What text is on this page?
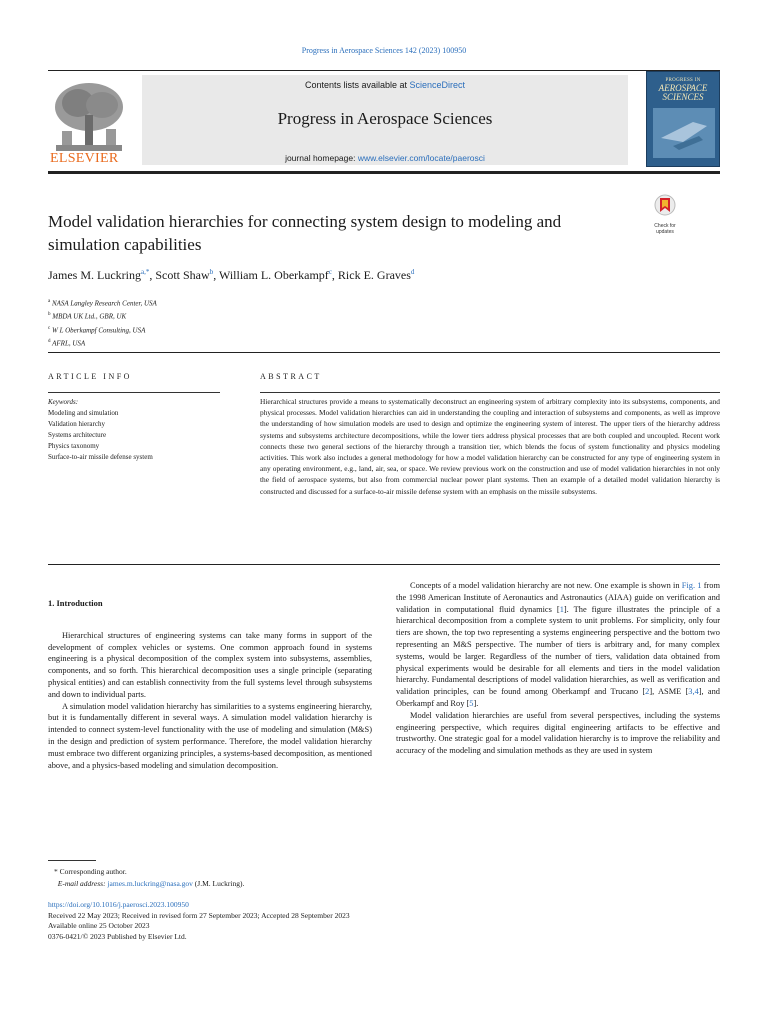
Progress in Aerospace Sciences 142 (2023) 100950
ELSEVIER
Contents lists available at ScienceDirect
Progress in Aerospace Sciences
journal homepage: www.elsevier.com/locate/paerosci
PROGRESS IN
AEROSPACE SCIENCES
Model validation hierarchies for connecting system design to modeling and simulation capabilities
Check for updates
James M. Luckring$^{a,*}$, Scott Shaw$^b$, William L. Oberkampf$^c$, Rick E. Graves$^d$
$^a$ NASA Langley Research Center, USA
$^b$ MBDA UK Ltd., GBR, UK
$^c$ W L Oberkampf Consulting, USA
$^d$ AFRL, USA
ARTICLE INFO	ABSTRACT
Keywords:
Modeling and simulation
Validation hierarchy
Systems architecture
Physics taxonomy
Surface-to-air missile defense system
Hierarchical structures provide a means to systematically deconstruct an engineering system of arbitrary complexity into its subsystems, components, and physical processes. Model validation hierarchies can aid in understanding the coupling and interaction of subsystems and components, as well as improve the understanding of how simulation models are used to design and optimize the engineering system of interest. The upper tiers of the hierarchy address systems and subsystems architecture decompositions, while the lower tiers address physical processes that are both coupled and uncoupled. Recent work connects these two general sections of the hierarchy through a transition tier, which blends the focus of system functionality and physics modeling activities. This work also includes a general methodology for how a model validation hierarchy can be constructed for any type of engineering system in any operating environment, e.g., land, air, sea, or space. We review previous work on the construction and use of model validation hierarchies in not only the field of aerospace systems, but also from commercial nuclear power plant systems. Then an example of a detailed model validation hierarchy is constructed and discussed for a surface-to-air missile defense system with an emphasis on the missile subsystems.
1. Introduction

Hierarchical structures of engineering systems can take many forms in support of the development of complex vehicles or systems. One common approach found in systems engineering is a physical decomposition of the complex system into subsystems, assemblies, components, and so forth. This hierarchical decomposition uses a single principle (separating physical entities) and can establish connectivity from the full systems level through subsystems and down to individual parts.

A simulation model validation hierarchy has similarities to a systems engineering hierarchy, but it is fundamentally different in several ways. A simulation model validation hierarchy is intended to connect system-level functionality with the use of modeling and simulation (M&S) in the design and prediction of system performance. Therefore, the model validation hierarchy must embrace two different organizing principles, a systems-based decomposition, as mentioned above, and a physics-based modeling and simulation decomposition.

Concepts of a model validation hierarchy are not new. One example is shown in Fig. 1 from the 1998 American Institute of Aeronautics and Astronautics (AIAA) guide on verification and validation in computational fluid dynamics [1]. The figure illustrates the principle of a hierarchical decomposition from a complete system to unit problems. For simplicity, only four tiers are shown, the top two representing a systems engineering perspective and the bottom two representing an M&S perspective. The number of tiers is arbitrary and, for many complex systems, would be larger. Regardless of the number of tiers, validation data obtained from physical experiments would be desirable for all elements and tiers in the model validation hierarchy. Fundamental descriptions of model validation hierarchies, as well as verification and validation principles, can be found among Oberkampf and Trucano [2], ASME [3,4], and Oberkampf and Roy [5].

Model validation hierarchies are useful from several perspectives, including the systems engineering perspective, which requires digital engineering artifacts to be effective and trustworthy. One strategic goal for a model validation hierarchy is to improve the reliability and accuracy of the modeling and simulation methods as they are used in system

* Corresponding author.
E-mail address: james.m.luckring@nasa.gov (J.M. Luckring).
https://doi.org/10.1016/j.paerosci.2023.100950
Received 22 May 2023; Received in revised form 27 September 2023; Accepted 28 September 2023
Available online 25 October 2023
0376-0421/© 2023 Published by Elsevier Ltd.
